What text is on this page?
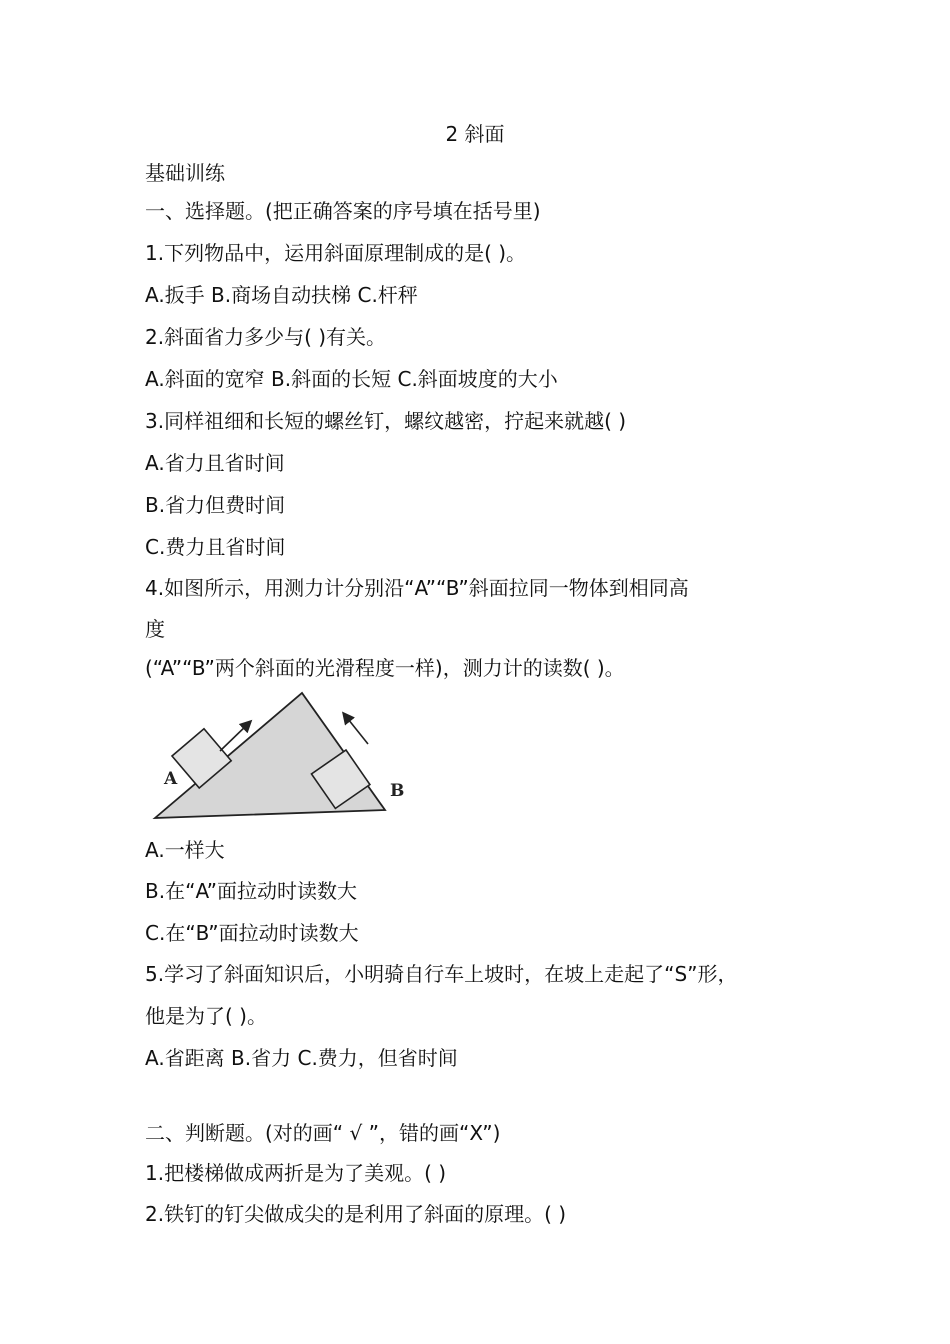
2 斜面
基础训练
一、选择题。(把正确答案的序号填在括号里)
1.下列物品中，运用斜面原理制成的是( )。
A.扳手 B.商场自动扶梯 C.杆秤
2.斜面省力多少与( )有关。
A.斜面的宽窄 B.斜面的长短 C.斜面坡度的大小
3.同样祖细和长短的螺丝钉，螺纹越密，拧起来就越( )
A.省力且省时间
B.省力但费时间
C.费力且省时间
4.如图所示，用测力计分别沿“A”“B”斜面拉同一物体到相同高
度
(“A”“B”两个斜面的光滑程度一样)，测力计的读数( )。
A
B
A.一样大
B.在“A”面拉动时读数大
C.在“B”面拉动时读数大
5.学习了斜面知识后，小明骑自行车上坡时，在坡上走起了“S”形，
他是为了( )。
A.省距离 B.省力 C.费力，但省时间
二、判断题。(对的画“ √ ”，错的画“X”)
1.把楼梯做成两折是为了美观。( )
2.铁钉的钉尖做成尖的是利用了斜面的原理。( )
